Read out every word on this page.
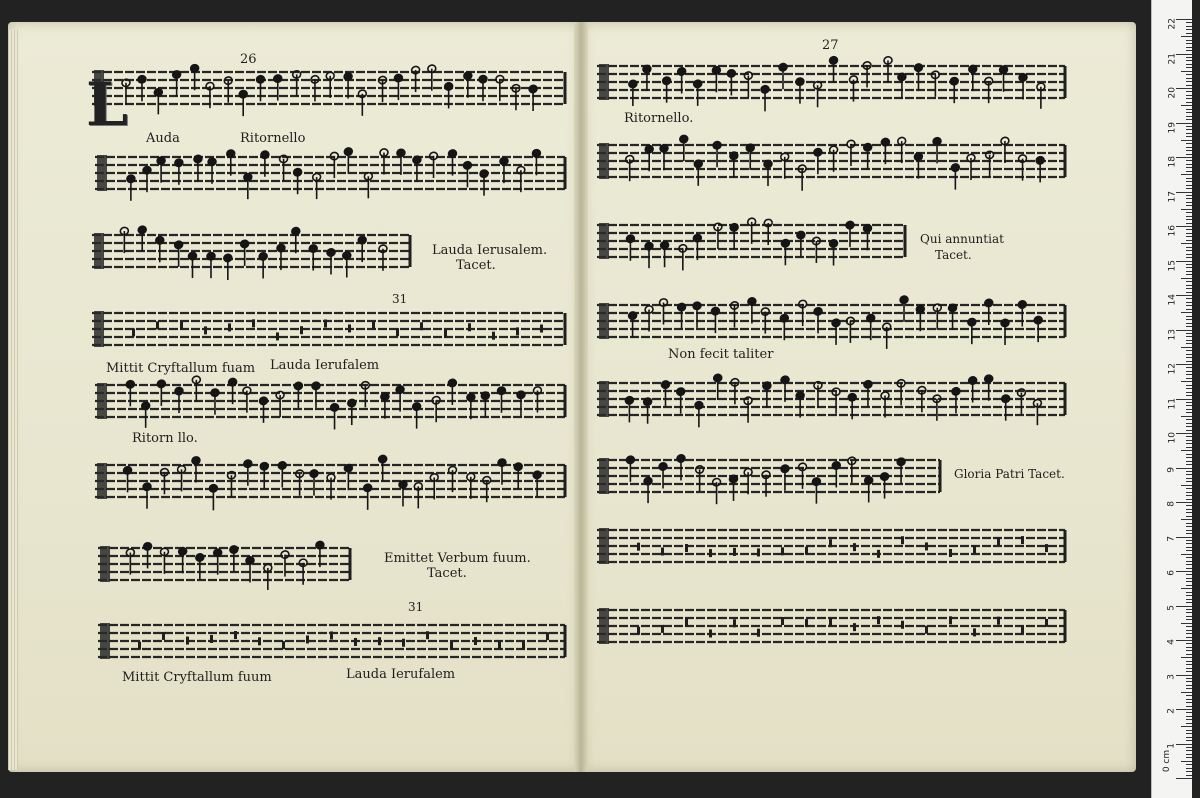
26
L Auda	Ritornello
Lauda Ierusalem.
Tacet.
31
Mittit Cryftallum fuam Lauda Ierufalem
Ritorn llo.
Emittet Verbum fuum.
Tacet.
31
Mittit Cryftallum fuum	Lauda Ierufalem
27
Ritornello.
Qui annuntiat
Tacet.
Non fecit taliter
Gloria Patri Tacet.
0 cm
1
2
3
4
5
6
7
8
9
10
11
12
13
14
15
16
17
18
19
20
21
22
